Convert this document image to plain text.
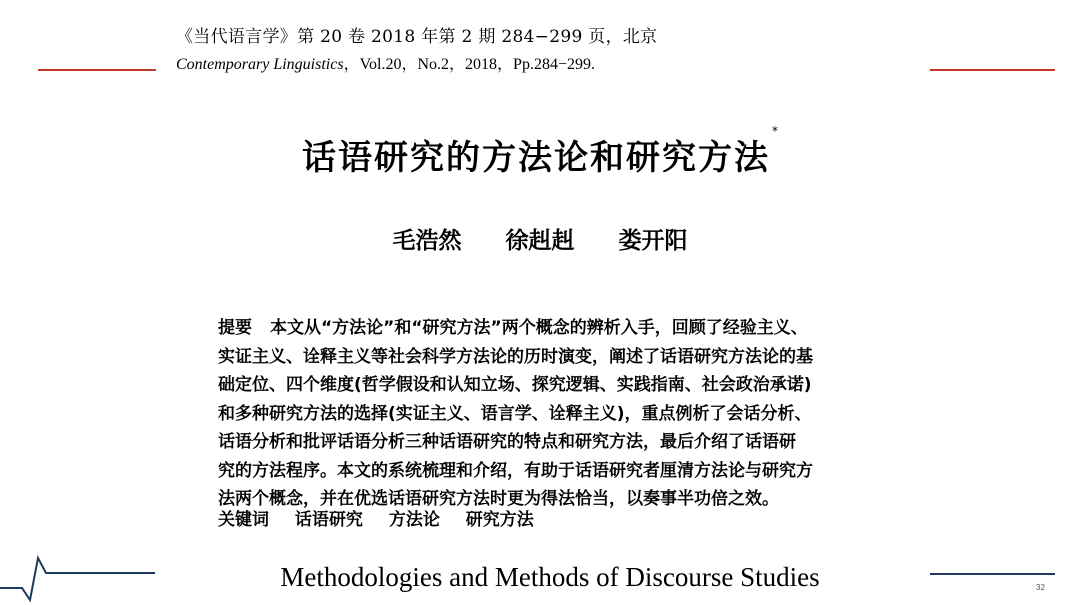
《当代语言学》第 20 卷 2018 年第 2 期 284−299 页，北京
Contemporary Linguistics，Vol.20，No.2，2018，Pp.284−299.
话语研究的方法论和研究方法*
毛浩然 徐赳赳 娄开阳
提要 本文从“方法论”和“研究方法”两个概念的辨析入手，回顾了经验主义、
实证主义、诠释主义等社会科学方法论的历时演变，阐述了话语研究方法论的基
础定位、四个维度(哲学假设和认知立场、探究逻辑、实践指南、社会政治承诺)
和多种研究方法的选择(实证主义、语言学、诠释主义)，重点例析了会话分析、
话语分析和批评话语分析三种话语研究的特点和研究方法，最后介绍了话语研
究的方法程序。本文的系统梳理和介绍，有助于话语研究者厘清方法论与研究方
法两个概念，并在优选话语研究方法时更为得法恰当，以奏事半功倍之效。
关键词 话语研究 方法论 研究方法
Methodologies and Methods of Discourse Studies	32
